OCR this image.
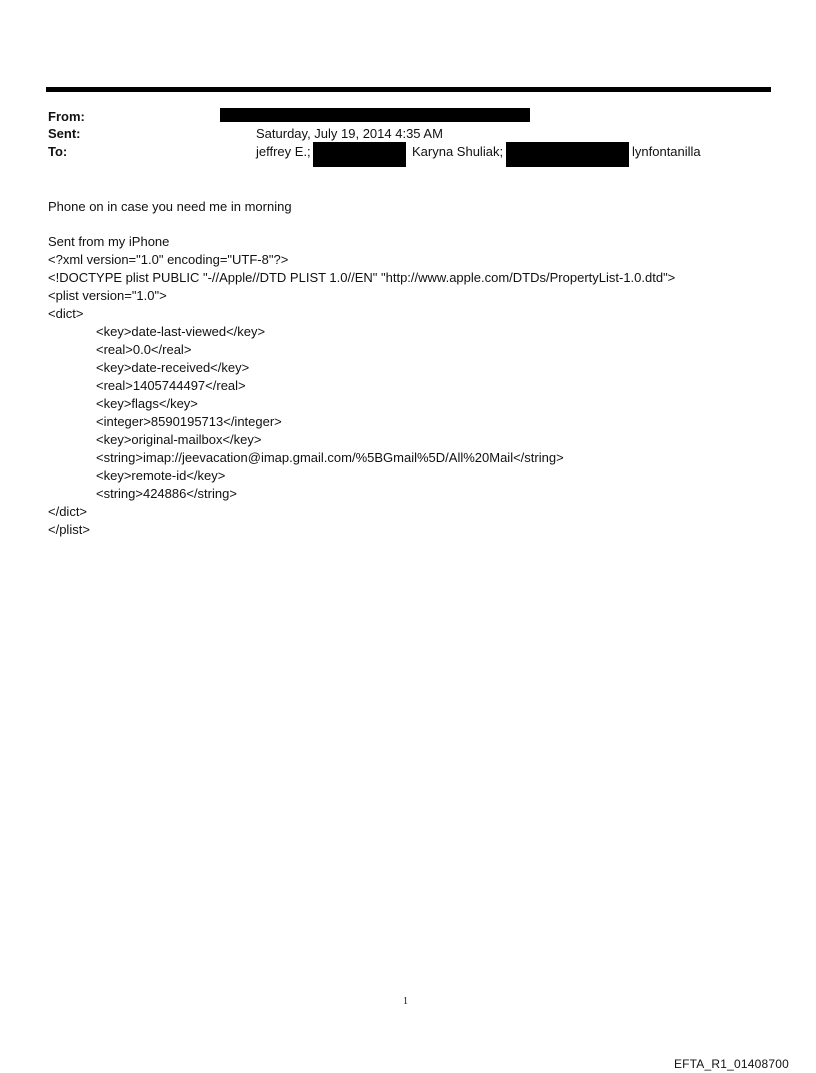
From:
Sent:
To:
Saturday, July 19, 2014 4:35 AM
jeffrey E.;	Karyna Shuliak;	lynfontanilla
Phone on in case you need me in morning
Sent from my iPhone
<?xml version="1.0" encoding="UTF-8"?>
<!DOCTYPE plist PUBLIC "-//Apple//DTD PLIST 1.0//EN" "http://www.apple.com/DTDs/PropertyList-1.0.dtd">
<plist version="1.0">
<dict>
<key>date-last-viewed</key>
<real>0.0</real>
<key>date-received</key>
<real>1405744497</real>
<key>flags</key>
<integer>8590195713</integer>
<key>original-mailbox</key>
<string>imap://jeevacation@imap.gmail.com/%5BGmail%5D/All%20Mail</string>
<key>remote-id</key>
<string>424886</string>
</dict>
</plist>
1
EFTA_R1_01408700
